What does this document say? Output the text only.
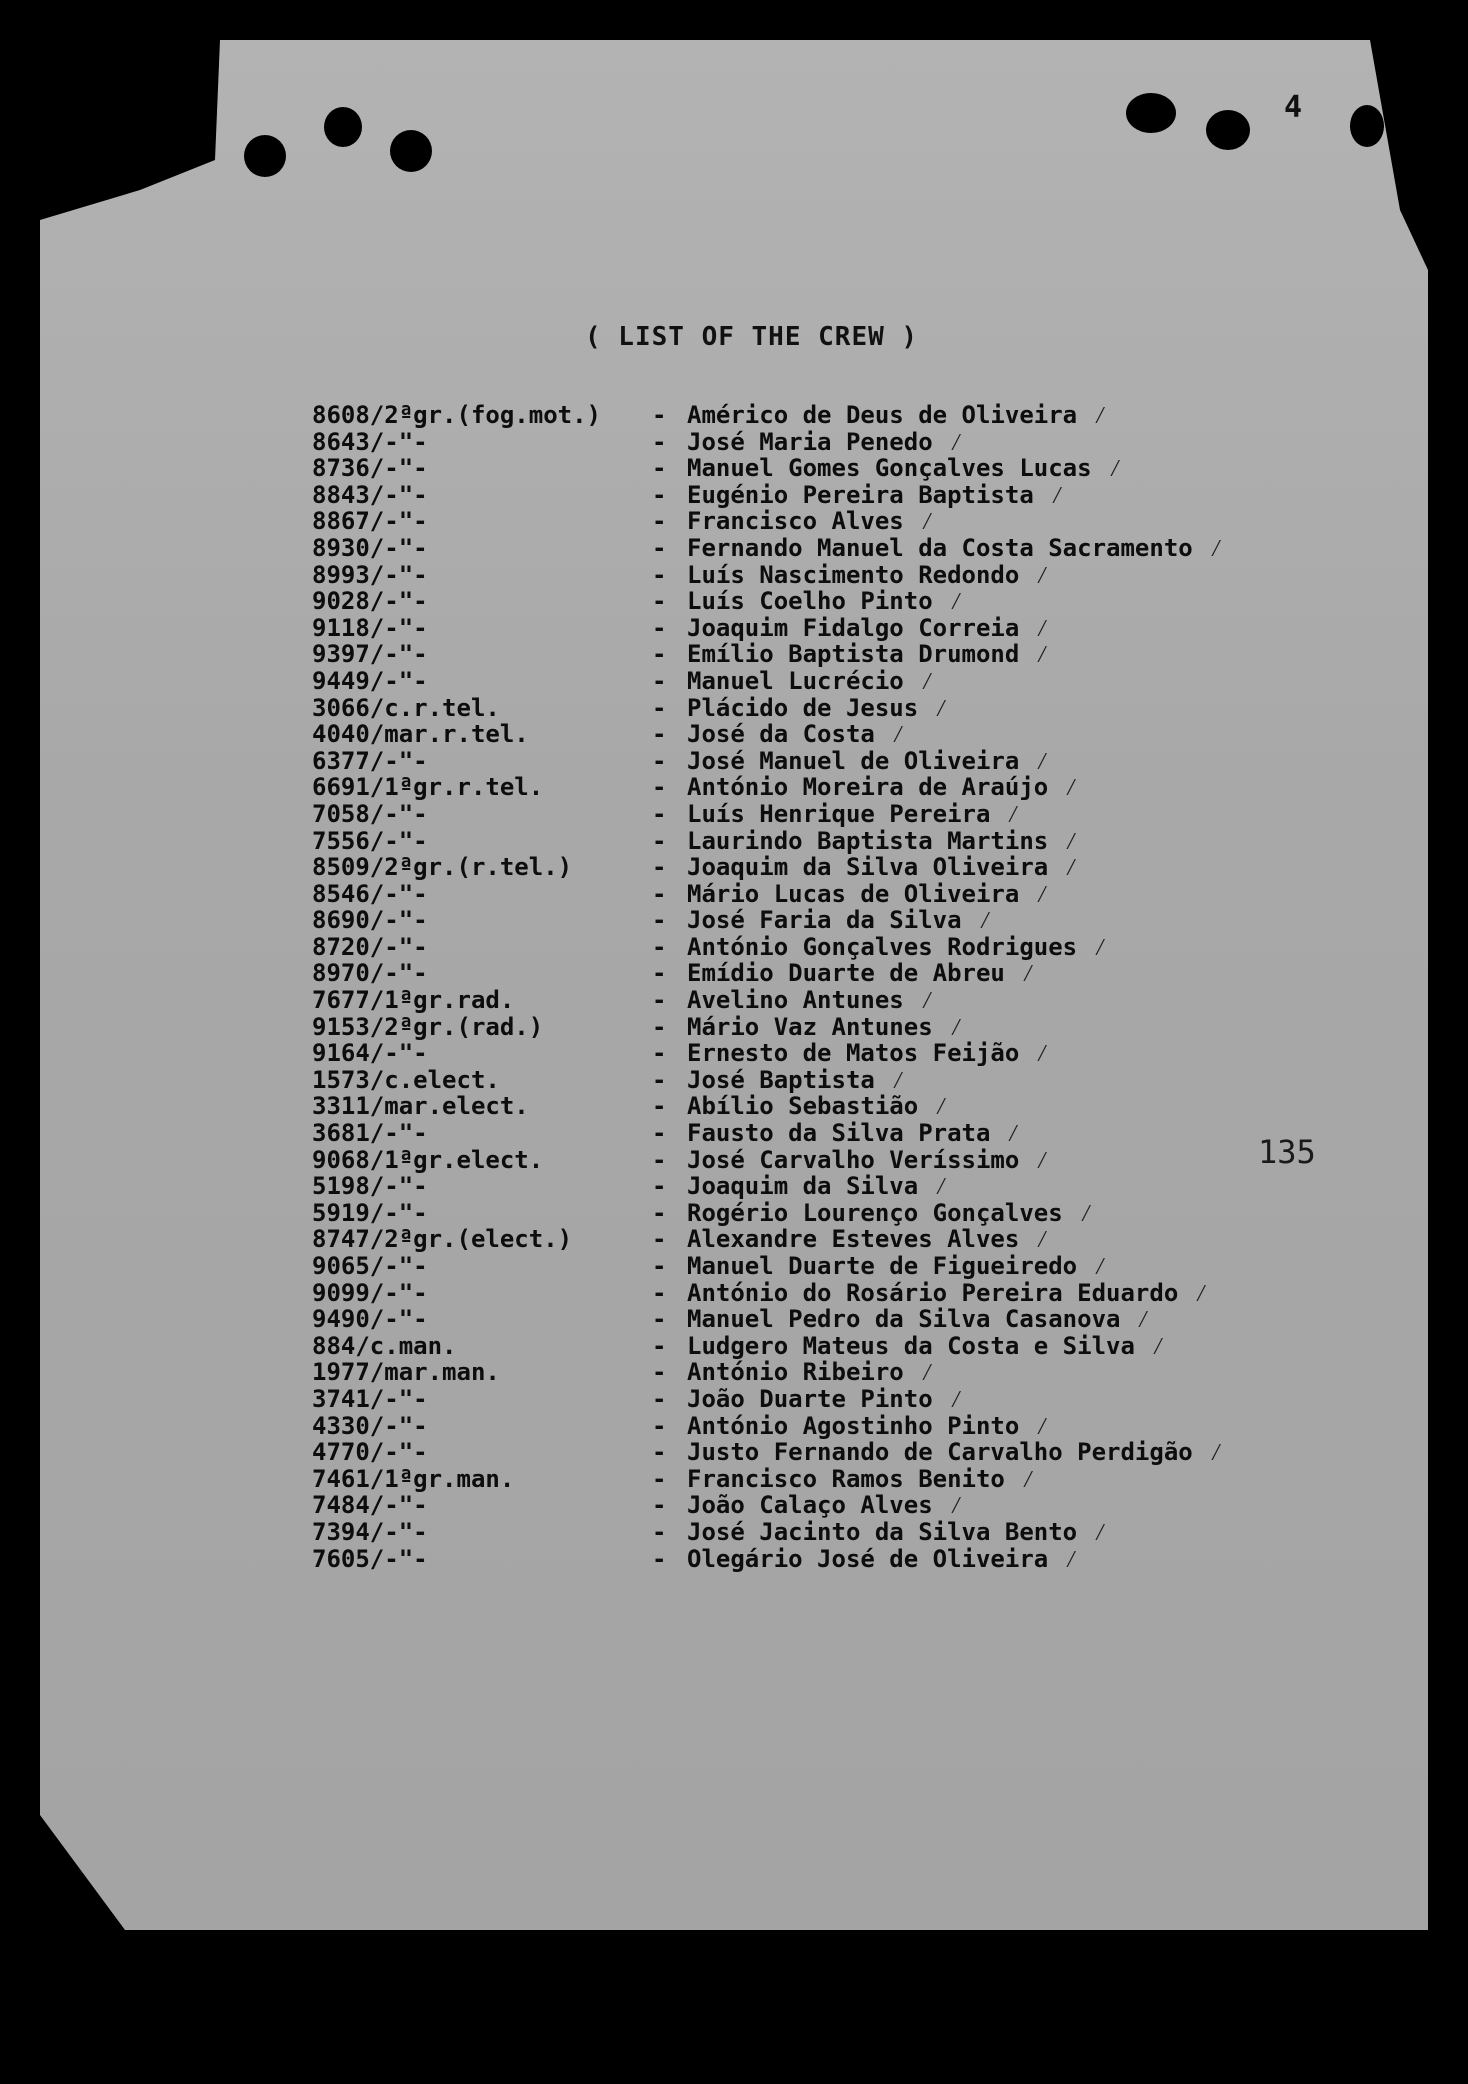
4
( LIST OF THE CREW )
8608/2ªgr.(fog.mot.) - Américo de Deus de Oliveira ⁄
8643/-"-	- José Maria Penedo ⁄
8736/-"-	- Manuel Gomes Gonçalves Lucas ⁄
8843/-"-	- Eugénio Pereira Baptista ⁄
8867/-"-	- Francisco Alves ⁄
8930/-"-	- Fernando Manuel da Costa Sacramento ⁄
8993/-"-	- Luís Nascimento Redondo ⁄
9028/-"-	- Luís Coelho Pinto ⁄
9118/-"-	- Joaquim Fidalgo Correia ⁄
9397/-"-	- Emílio Baptista Drumond ⁄
9449/-"-	- Manuel Lucrécio ⁄
3066/c.r.tel.	- Plácido de Jesus ⁄
4040/mar.r.tel.	- José da Costa ⁄
6377/-"-	- José Manuel de Oliveira ⁄
6691/1ªgr.r.tel.	- António Moreira de Araújo ⁄
7058/-"-	- Luís Henrique Pereira ⁄
7556/-"-	- Laurindo Baptista Martins ⁄
8509/2ªgr.(r.tel.)	- Joaquim da Silva Oliveira ⁄
8546/-"-	- Mário Lucas de Oliveira ⁄
8690/-"-	- José Faria da Silva ⁄
8720/-"-	- António Gonçalves Rodrigues ⁄
8970/-"-	- Emídio Duarte de Abreu ⁄
7677/1ªgr.rad.	- Avelino Antunes ⁄
9153/2ªgr.(rad.)	- Mário Vaz Antunes ⁄
9164/-"-	- Ernesto de Matos Feijão ⁄
1573/c.elect.	- José Baptista ⁄
3311/mar.elect.	- Abílio Sebastião ⁄
3681/-"-	- Fausto da Silva Prata ⁄
9068/1ªgr.elect.	- José Carvalho Veríssimo ⁄
5198/-"-	- Joaquim da Silva ⁄
5919/-"-	- Rogério Lourenço Gonçalves ⁄
8747/2ªgr.(elect.)	- Alexandre Esteves Alves ⁄
9065/-"-	- Manuel Duarte de Figueiredo ⁄
9099/-"-	- António do Rosário Pereira Eduardo ⁄
9490/-"-	- Manuel Pedro da Silva Casanova ⁄
884/c.man.	- Ludgero Mateus da Costa e Silva ⁄
1977/mar.man.	- António Ribeiro ⁄
3741/-"-	- João Duarte Pinto ⁄
4330/-"-	- António Agostinho Pinto ⁄
4770/-"-	- Justo Fernando de Carvalho Perdigão ⁄
7461/1ªgr.man.	- Francisco Ramos Benito ⁄
7484/-"-	- João Calaço Alves ⁄
7394/-"-	- José Jacinto da Silva Bento ⁄
7605/-"-	- Olegário José de Oliveira ⁄
135
